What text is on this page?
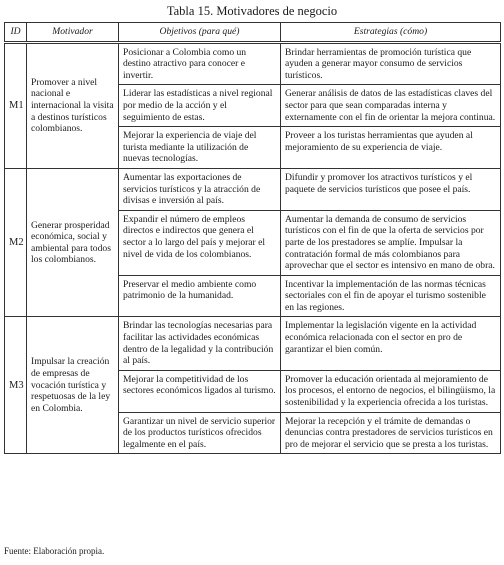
Tabla 15. Motivadores de negocio
ID	Motivador	Objetivos (para qué)	Estrategias (cómo)
M1	Promover a nivel nacional e internacional la visita a destinos turísticos colombianos.	Posicionar a Colombia como un destino atractivo para conocer e invertir.	Brindar herramientas de promoción turística que ayuden a generar mayor consumo de servicios turísticos.
		Liderar las estadísticas a nivel regional por medio de la acción y el seguimiento de estas.	Generar análisis de datos de las estadísticas claves del sector para que sean comparadas interna y externamente con el fin de orientar la mejora continua.
		Mejorar la experiencia de viaje del turista mediante la utilización de nuevas tecnologías.	Proveer a los turistas herramientas que ayuden al mejoramiento de su experiencia de viaje.
M2	Generar prosperidad económica, social y ambiental para todos los colombianos.	Aumentar las exportaciones de servicios turísticos y la atracción de divisas e inversión al país.	Difundir y promover los atractivos turísticos y el paquete de servicios turísticos que posee el país.
		Expandir el número de empleos directos e indirectos que genera el sector a lo largo del país y mejorar el nivel de vida de los colombianos.	Aumentar la demanda de consumo de servicios turísticos con el fin de que la oferta de servicios por parte de los prestadores se amplíe. Impulsar la contratación formal de más colombianos para aprovechar que el sector es intensivo en mano de obra.
		Preservar el medio ambiente como patrimonio de la humanidad.	Incentivar la implementación de las normas técnicas sectoriales con el fin de apoyar el turismo sostenible en las regiones.
M3	Impulsar la creación de empresas de vocación turística y respetuosas de la ley en Colombia.	Brindar las tecnologías necesarias para facilitar las actividades económicas dentro de la legalidad y la contribución al país.	Implementar la legislación vigente en la actividad económica relacionada con el sector en pro de garantizar el bien común.
		Mejorar la competitividad de los sectores económicos ligados al turismo.	Promover la educación orientada al mejoramiento de los procesos, el entorno de negocios, el bilingüismo, la sostenibilidad y la experiencia ofrecida a los turistas.
		Garantizar un nivel de servicio superior de los productos turísticos ofrecidos legalmente en el país.	Mejorar la recepción y el trámite de demandas o denuncias contra prestadores de servicios turísticos en pro de mejorar el servicio que se presta a los turistas.
Fuente: Elaboración propia.
